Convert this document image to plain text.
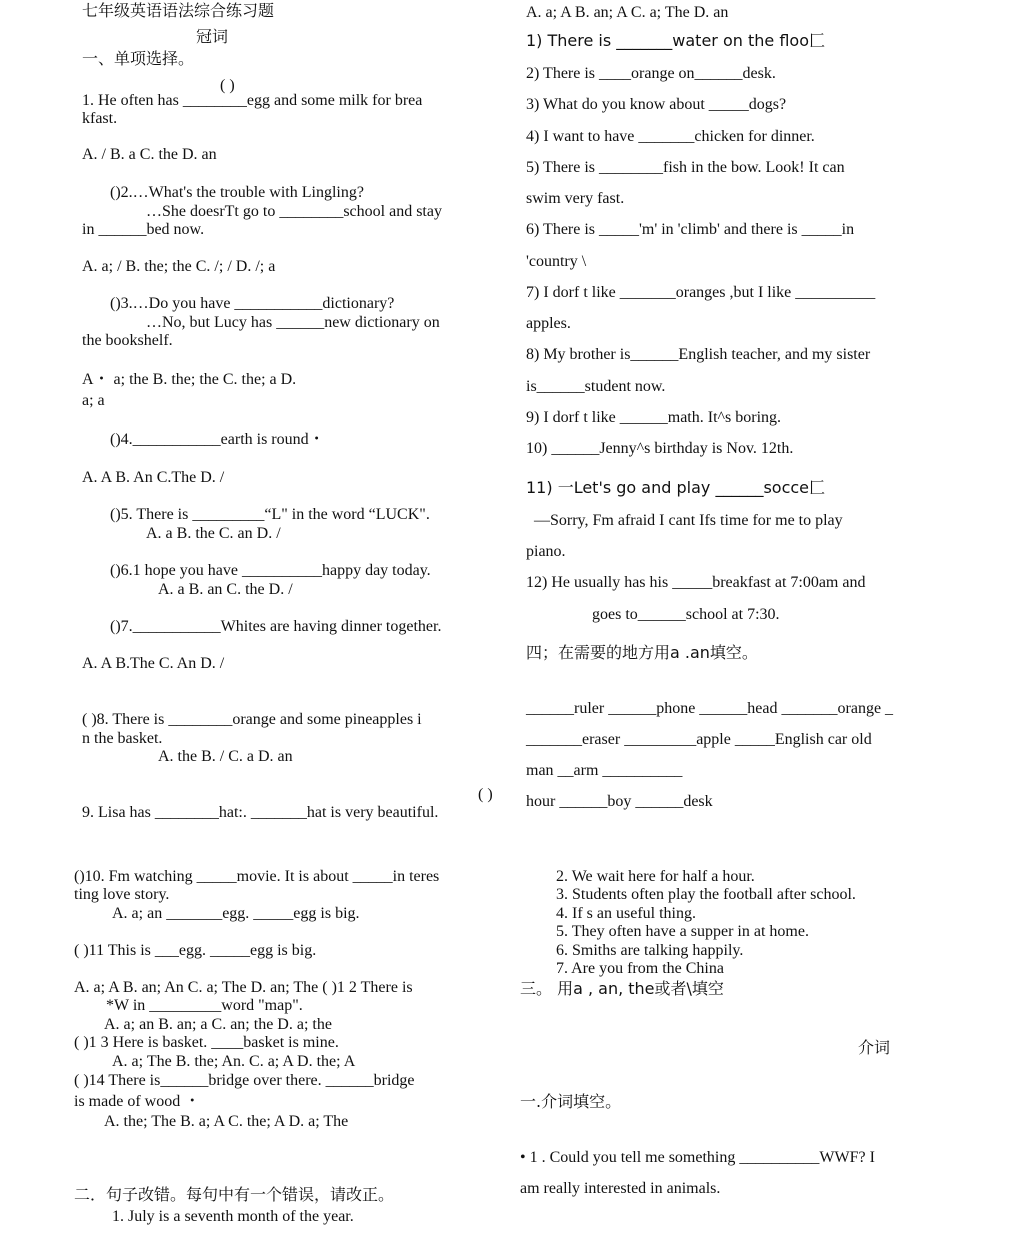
七年级英语语法综合练习题
冠词
一、单项选择。
( )
1. He often has ________egg and some milk for brea
kfast.
A. / B. a C. the D. an
()2.…What's the trouble with Lingling?
…She doesrTt go to ________school and stay
in ______bed now.
A. a; / B. the; the C. /; / D. /; a
()3.…Do you have ___________dictionary?
…No, but Lucy has ______new dictionary on
the bookshelf.
A・ a; the B. the; the C. the; a D.
a; a
()4.___________earth is round・
A. A B. An C.The D. /
()5. There is _________“L" in the word “LUCK".
A. a B. the C. an D. /
()6.1 hope you have __________happy day today.
A. a B. an C. the D. /
()7.___________Whites are having dinner together.
A. A B.The C. An D. /
( )8. There is ________orange and some pineapples i
n the basket.
A. the B. / C. a D. an
( )
9. Lisa has ________hat:. _______hat is very beautiful.
()10. Fm watching _____movie. It is about _____in teres
ting love story.
A. a; an _______egg. _____egg is big.
( )11 This is ___egg. _____egg is big.
A. a; A B. an; An C. a; The D. an; The ( )1 2 There is
*W in _________word "map".
A. a; an B. an; a C. an; the D. a; the
( )1 3 Here is basket. ____basket is mine.
A. a; The B. the; An. C. a; A D. the; A
( )14 There is______bridge over there. ______bridge
is made of wood ・
A. the; The B. a; A C. the; A D. a; The
二．句子改错。每句中有一个错误，请改正。
1. July is a seventh month of the year.
A. a; A B. an; A C. a; The D. an
1) There is _______water on the floo匚
2) There is ____orange on______desk.
3) What do you know about _____dogs?
4) I want to have _______chicken for dinner.
5) There is ________fish in the bow. Look! It can
swim very fast.
6) There is _____'m' in 'climb' and there is _____in
'country \
7) I dorf t like _______oranges ,but I like __________
apples.
8) My brother is______English teacher, and my sister
is______student now.
9) I dorf t like ______math. It^s boring.
10) ______Jenny^s birthday is Nov. 12th.
11) 一Let's go and play ______socce匚
—Sorry, Fm afraid I cant Ifs time for me to play
piano.
12) He usually has his _____breakfast at 7:00am and
goes to______school at 7:30.
四；在需要的地方用a .an填空。
______ruler ______phone ______head _______orange _
_______eraser _________apple _____English car old
man __arm __________
hour ______boy ______desk
2. We wait here for half a hour.
3. Students often play the football after school.
4. If s an useful thing.
5. They often have a supper in at home.
6. Smiths are talking happily.
7. Are you from the China
三。 用a , an, the或者\填空
介词
一.介词填空。
• 1 . Could you tell me something __________WWF? I
am really interested in animals.
